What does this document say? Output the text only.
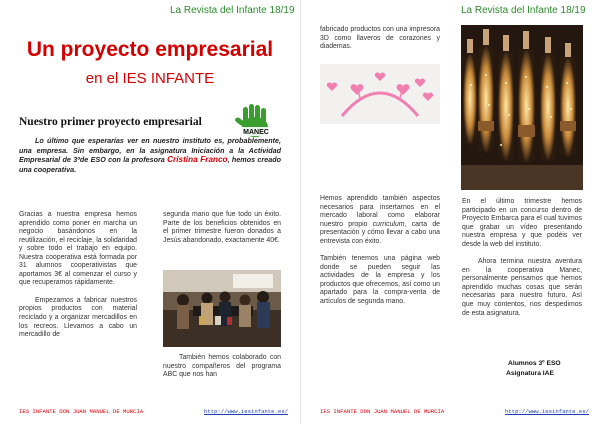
La Revista del Infante 18/19
Un proyecto empresarial
en el IES INFANTE
Nuestro primer proyecto empresarial
MANEC
Lo último que esperarías ver en nuestro instituto es, probablemente, una empresa. Sin embargo, en la asignatura Iniciación a la Actividad Empresarial de 3ºde ESO con la profesora Cristina Franco, hemos creado una cooperativa.

Gracias a nuestra empresa hemos aprendido como poner en marcha un negocio basándonos en la reutilización, el reciclaje, la solidaridad y sobre todo el trabajo en equipo. Nuestra cooperativa está formada por 31 alumnos cooperativistas que aportamos 3€ al comenzar el curso y que recuperamos rápidamente.

Empezamos a fabricar nuestros propios productos con material reciclado y a organizar mercadillos en los recreos. Llevamos a cabo un mercadillo de

segunda mano que fue todo un éxito. Parte de los beneficios obtenidos en el primer trimestre fueron donados a Jesús abandonado, exactamente 40€.

También hemos colaborado con nuestro compañeros del programa ABC que nos han

IES INFANTE DON JUAN MANUEL DE MURCIA	http://www.iesinfante.es/
La Revista del Infante 18/19

fabricado productos con una impresora 3D como llaveros de corazones y diademas.

Hemos aprendido también aspectos necesarios para insertarnos en el mercado laboral como elaborar nuestro propio curriculum, carta de presentación y cómo llevar a cabo una entrevista con éxito.

También tenemos una página web donde se pueden seguir las actividades de la empresa y los productos que ofrecemos, así como un apartado para la compra-venta de artículos de segunda mano.

En el último trimestre hemos participado en un concurso dentro de Proyecto Embarca para el cual tuvimos que grabar un vídeo presentando nuestra empresa y que podéis ver desde la web del instituto.

Ahora termina nuestra aventura en la cooperativa Manec, personalmente pensamos que hemos aprendido muchas cosas que serán necesarias para nuestro futuro. Así que muy contentos, nos despedimos de esta asignatura.

Alumnos 3º ESO
Asignatura IAE
IES INFANTE DON JUAN MANUEL DE MURCIA	http://www.iesinfante.es/
